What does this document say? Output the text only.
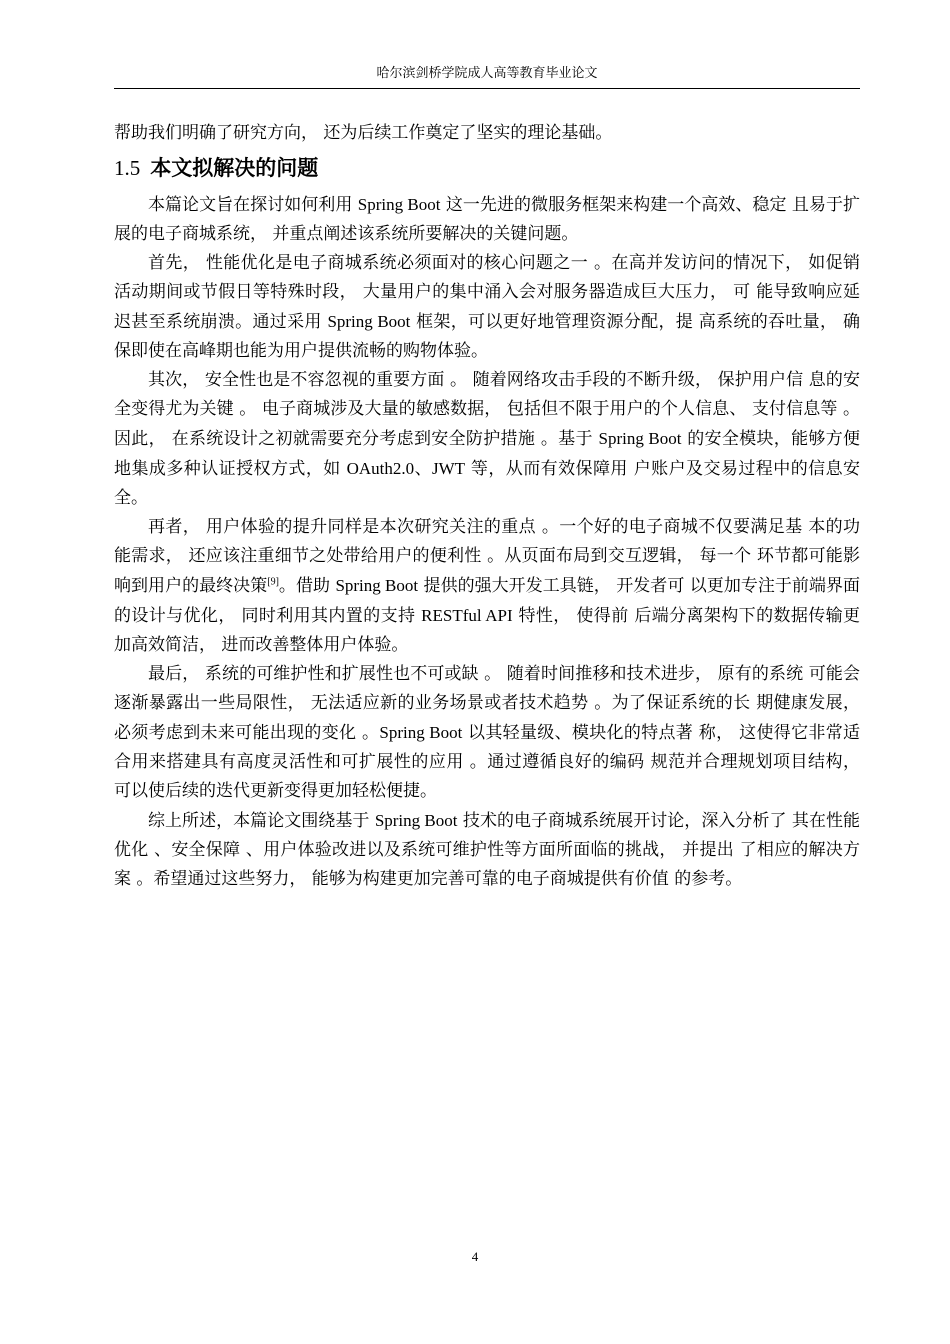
哈尔滨剑桥学院成人高等教育毕业论文

帮助我们明确了研究方向， 还为后续工作奠定了坚实的理论基础。

1.5 本文拟解决的问题

本篇论文旨在探讨如何利用 Spring Boot 这一先进的微服务框架来构建一个高效、稳定 且易于扩展的电子商城系统， 并重点阐述该系统所要解决的关键问题。

首先， 性能优化是电子商城系统必须面对的核心问题之一 。在高并发访问的情况下， 如促销活动期间或节假日等特殊时段， 大量用户的集中涌入会对服务器造成巨大压力， 可 能导致响应延迟甚至系统崩溃。通过采用 Spring Boot 框架，可以更好地管理资源分配，提 高系统的吞吐量， 确保即使在高峰期也能为用户提供流畅的购物体验。

其次， 安全性也是不容忽视的重要方面 。 随着网络攻击手段的不断升级， 保护用户信 息的安全变得尤为关键 。 电子商城涉及大量的敏感数据， 包括但不限于用户的个人信息、 支付信息等 。 因此， 在系统设计之初就需要充分考虑到安全防护措施 。基于 Spring Boot 的安全模块，能够方便地集成多种认证授权方式，如 OAuth2.0、JWT 等，从而有效保障用 户账户及交易过程中的信息安全。

再者， 用户体验的提升同样是本次研究关注的重点 。一个好的电子商城不仅要满足基 本的功能需求， 还应该注重细节之处带给用户的便利性 。从页面布局到交互逻辑， 每一个 环节都可能影响到用户的最终决策[9]。借助 Spring Boot 提供的强大开发工具链， 开发者可 以更加专注于前端界面的设计与优化， 同时利用其内置的支持 RESTful API 特性， 使得前 后端分离架构下的数据传输更加高效简洁， 进而改善整体用户体验。

最后， 系统的可维护性和扩展性也不可或缺 。 随着时间推移和技术进步， 原有的系统 可能会逐渐暴露出一些局限性， 无法适应新的业务场景或者技术趋势 。为了保证系统的长 期健康发展，必须考虑到未来可能出现的变化 。Spring Boot 以其轻量级、模块化的特点著 称， 这使得它非常适合用来搭建具有高度灵活性和可扩展性的应用 。通过遵循良好的编码 规范并合理规划项目结构， 可以使后续的迭代更新变得更加轻松便捷。

综上所述，本篇论文围绕基于 Spring Boot 技术的电子商城系统展开讨论，深入分析了 其在性能优化 、安全保障 、用户体验改进以及系统可维护性等方面所面临的挑战， 并提出 了相应的解决方案 。希望通过这些努力， 能够为构建更加完善可靠的电子商城提供有价值 的参考。

4
